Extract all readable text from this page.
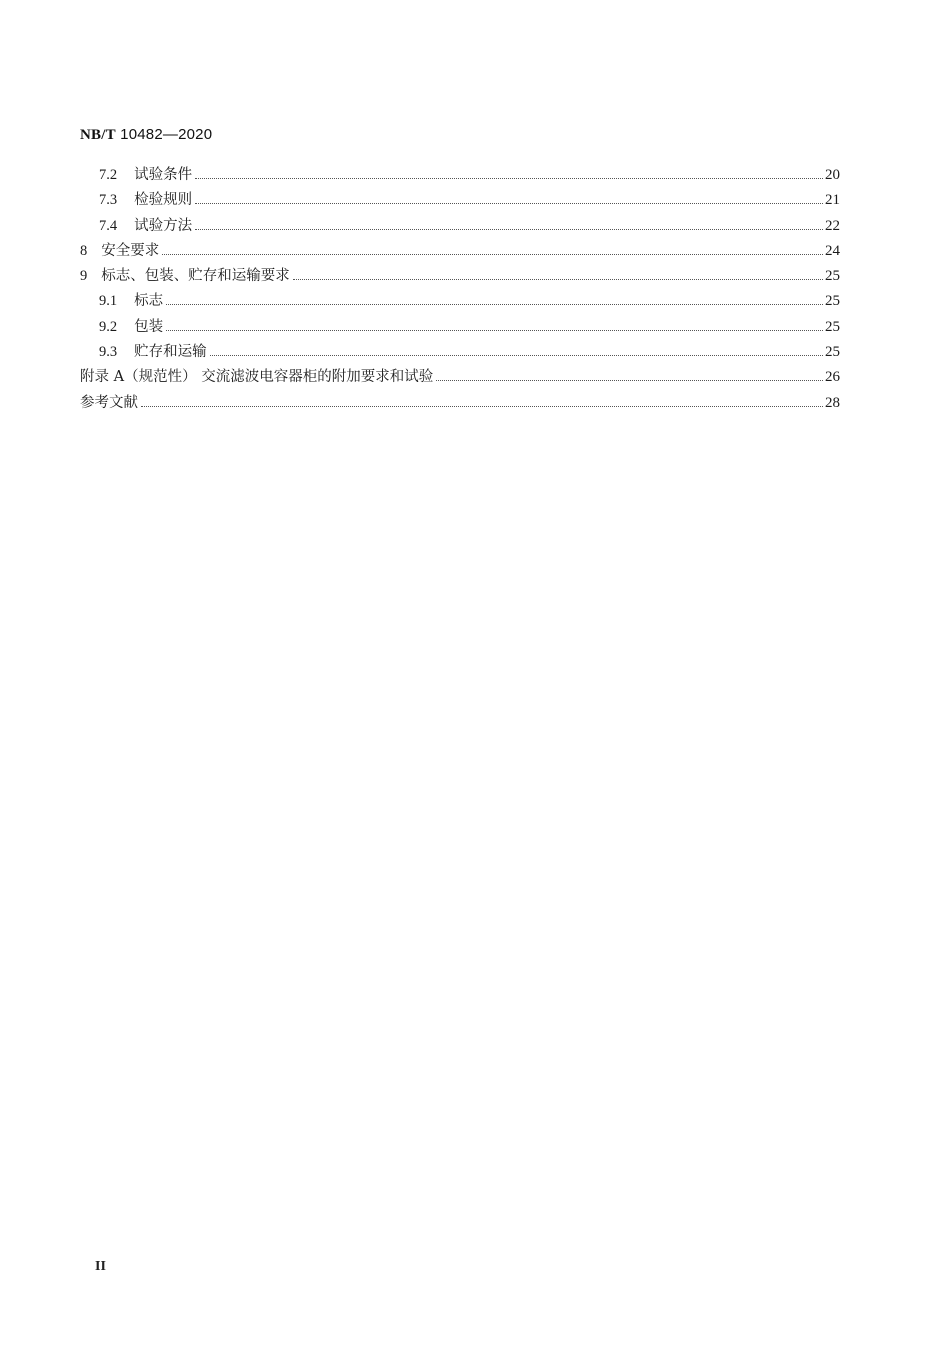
NB/T 10482—2020
7.2	试验条件	20
7.3	检验规则	21
7.4	试验方法	22
8 安全要求	24
9 标志、包装、贮存和运输要求	25
9.1	标志	25
9.2	包装	25
9.3	贮存和运输	25
附录 A（规范性） 交流滤波电容器柜的附加要求和试验	26
参考文献	28
II
